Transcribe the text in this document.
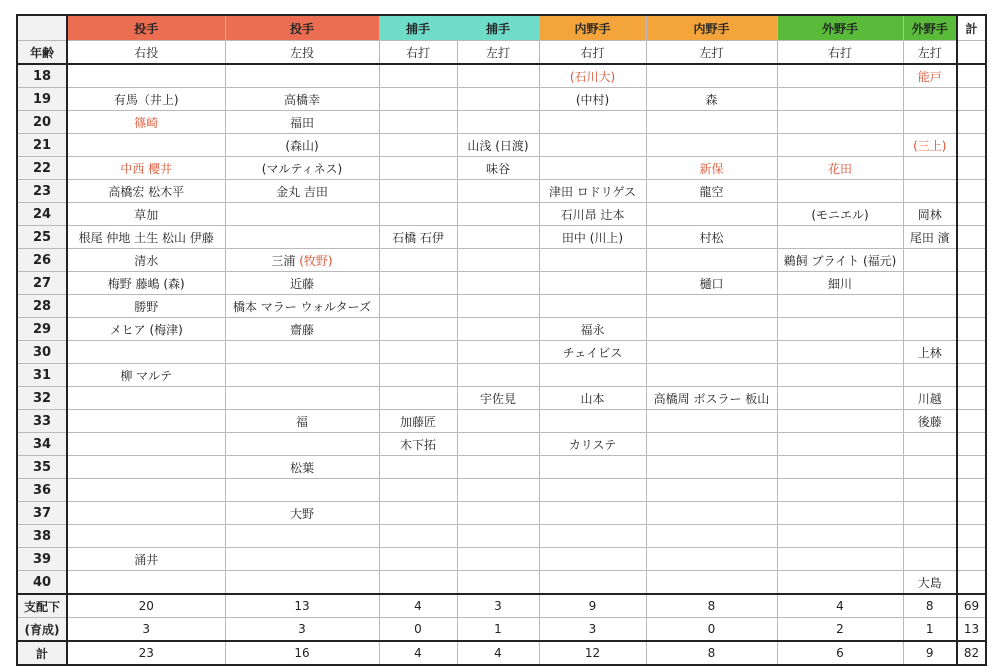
	投手	投手	捕手	捕手	内野手	内野手	外野手	外野手	計
年齢	右投	左投	右打	左打	右打	左打	右打	左打	
18					(石川大)			能戸	
19	有馬（井上)	高橋幸			(中村)	森			
20	篠崎	福田							
21		(森山)		山浅 (日渡)				(三上)	
22	中西 櫻井	(マルティネス)		味谷		新保	花田		
23	高橋宏 松木平	金丸 吉田			津田 ロドリゲス	龍空			
24	草加				石川昂 辻本		(モニエル)	岡林	
25	根尾 仲地 土生 松山 伊藤		石橋 石伊		田中 (川上)	村松		尾田 濱	
26	清水	三浦 (牧野)					鵜飼 ブライト (福元)		
27	梅野 藤嶋 (森)	近藤				樋口	細川		
28	勝野	橋本 マラー ウォルターズ							
29	メヒア (梅津)	齋藤			福永				
30					チェイビス			上林	
31	柳 マルテ								
32				宇佐見	山本	高橋周 ボスラー 板山		川越	
33		福	加藤匠					後藤	
34			木下拓		カリステ				
35		松葉							
36									
37		大野							
38									
39	涌井								
40								大島	
支配下	20	13	4	3	9	8	4	8	69
(育成)	3	3	0	1	3	0	2	1	13
計	23	16	4	4	12	8	6	9	82
